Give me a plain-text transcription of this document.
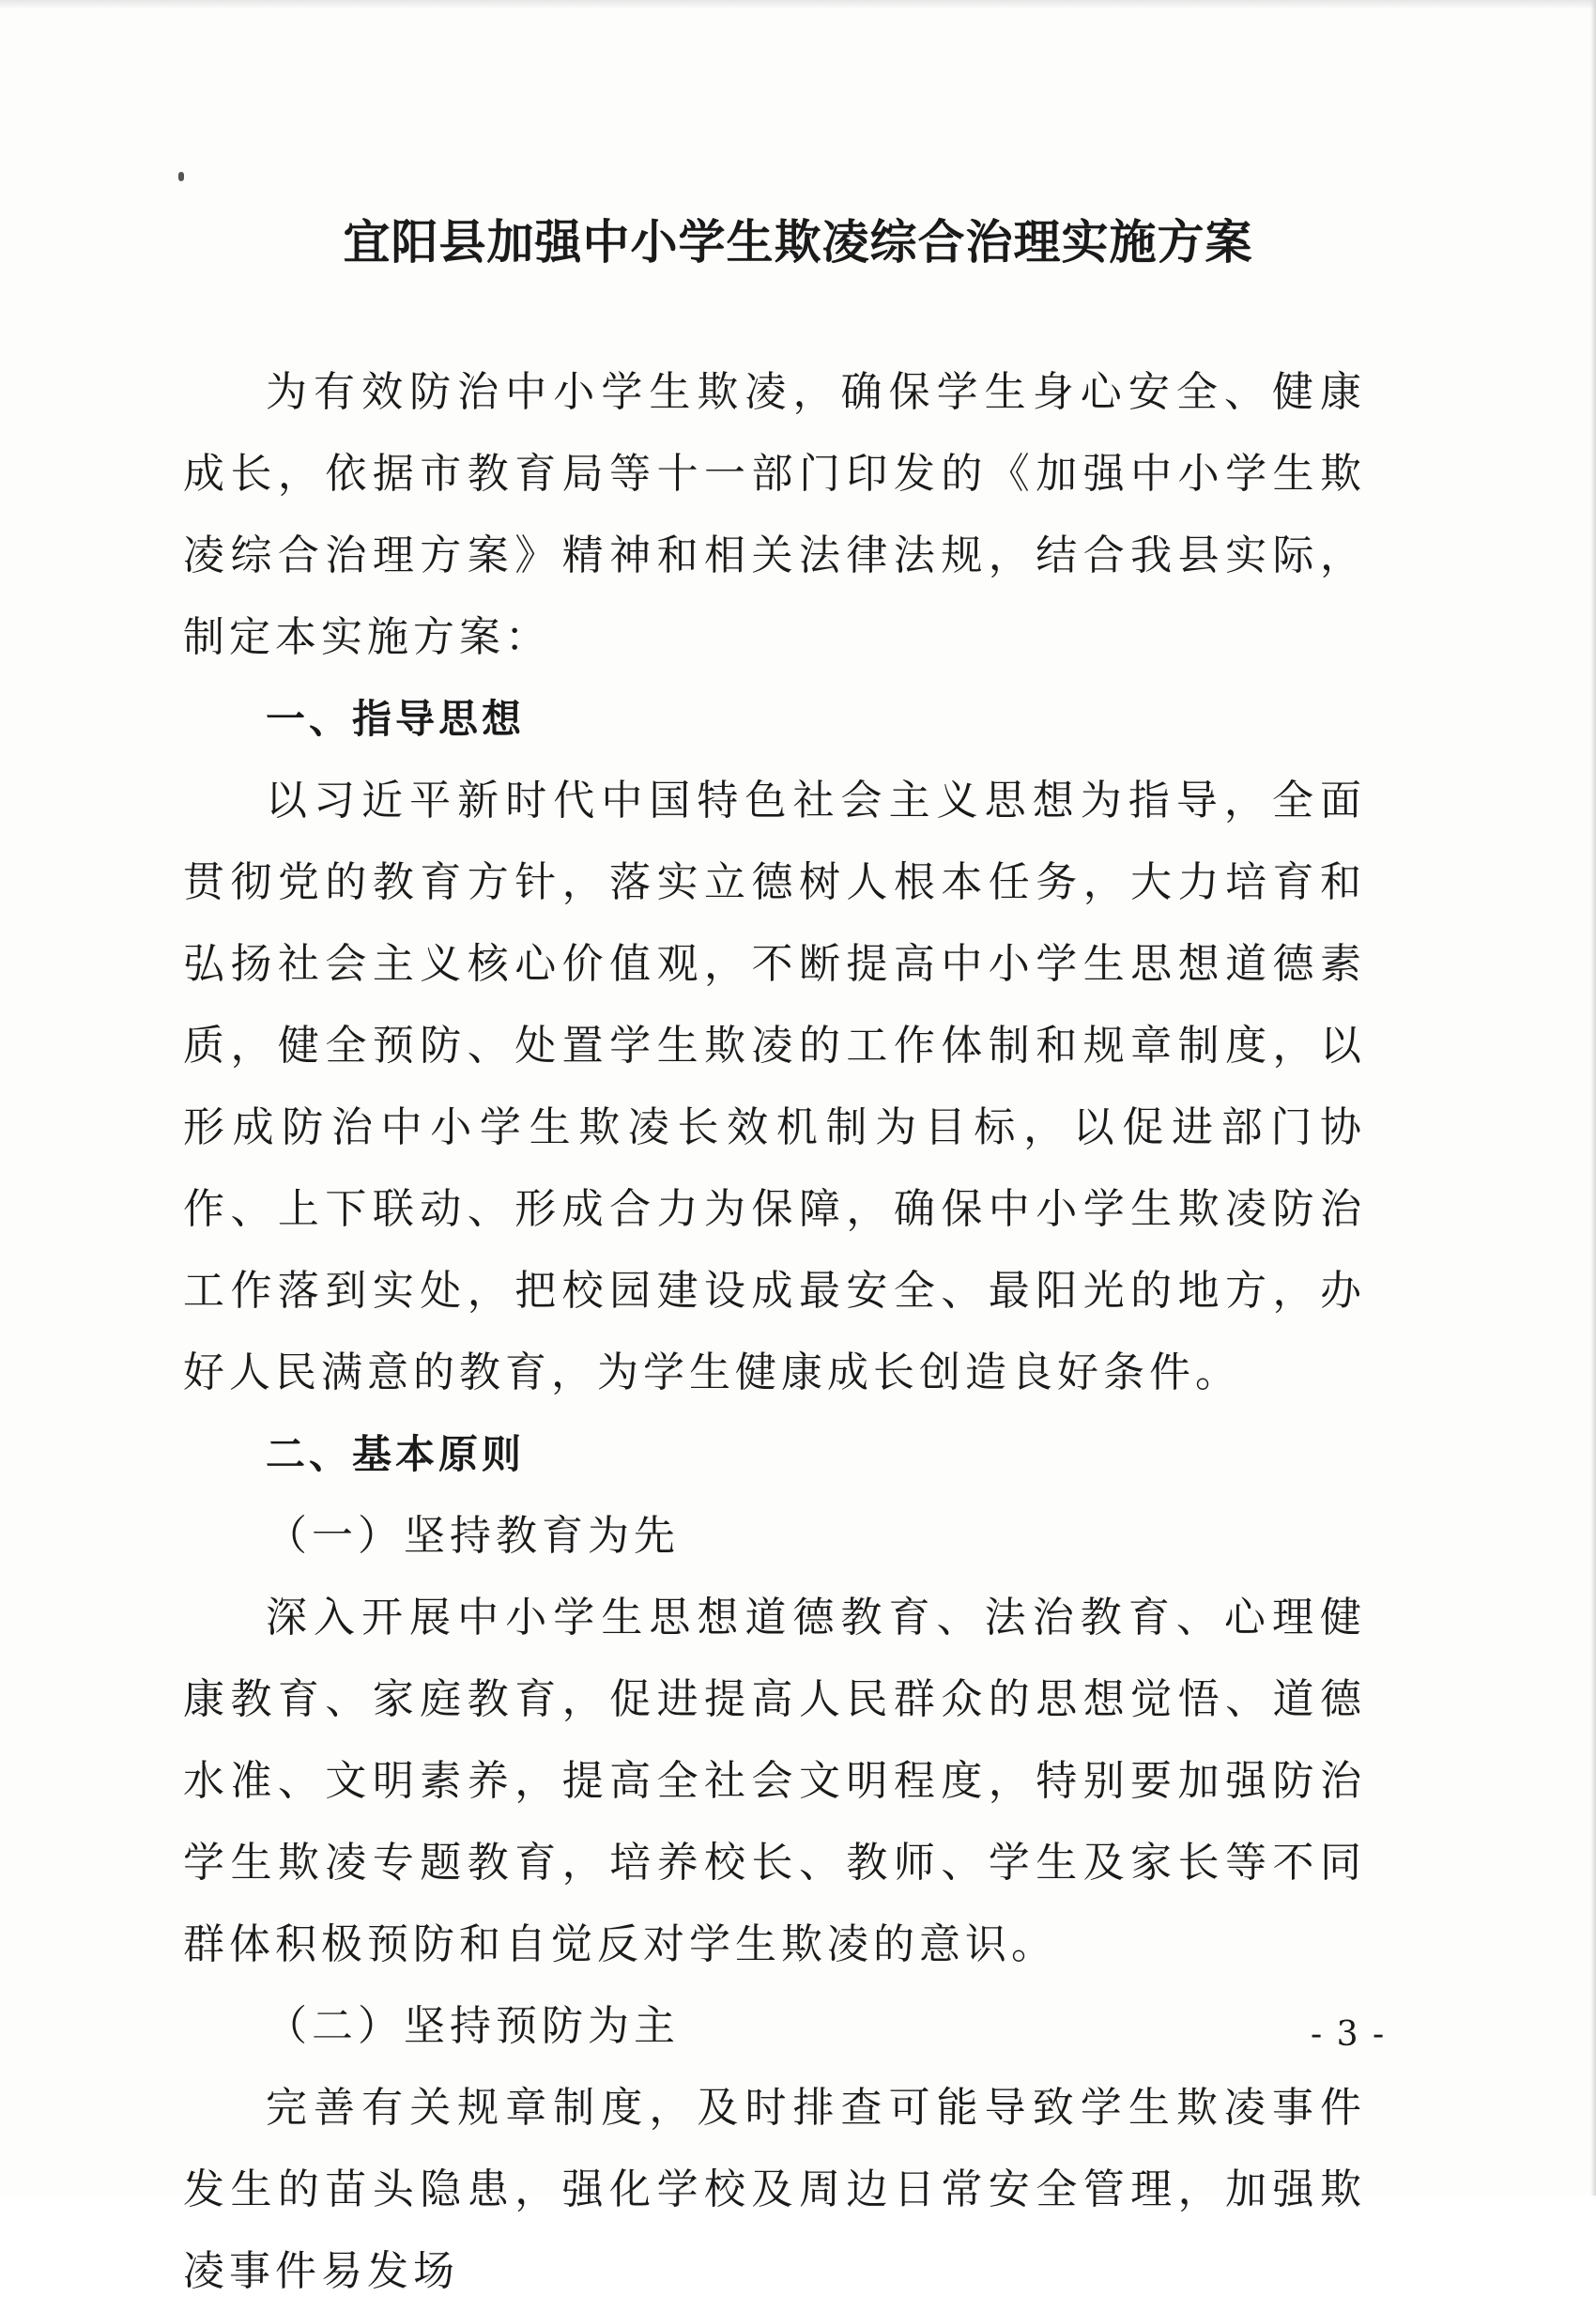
宜阳县加强中小学生欺凌综合治理实施方案

为有效防治中小学生欺凌，确保学生身心安全、健康成长，依据市教育局等十一部门印发的《加强中小学生欺凌综合治理方案》精神和相关法律法规，结合我县实际，制定本实施方案：

一、指导思想

以习近平新时代中国特色社会主义思想为指导，全面贯彻党的教育方针，落实立德树人根本任务，大力培育和弘扬社会主义核心价值观，不断提高中小学生思想道德素质，健全预防、处置学生欺凌的工作体制和规章制度，以形成防治中小学生欺凌长效机制为目标，以促进部门协作、上下联动、形成合力为保障，确保中小学生欺凌防治工作落到实处，把校园建设成最安全、最阳光的地方，办好人民满意的教育，为学生健康成长创造良好条件。

二、基本原则

（一）坚持教育为先

深入开展中小学生思想道德教育、法治教育、心理健康教育、家庭教育，促进提高人民群众的思想觉悟、道德水准、文明素养，提高全社会文明程度，特别要加强防治学生欺凌专题教育，培养校长、教师、学生及家长等不同群体积极预防和自觉反对学生欺凌的意识。

（二）坚持预防为主

完善有关规章制度，及时排查可能导致学生欺凌事件发生的苗头隐患，强化学校及周边日常安全管理，加强欺凌事件易发场

- 3 -
